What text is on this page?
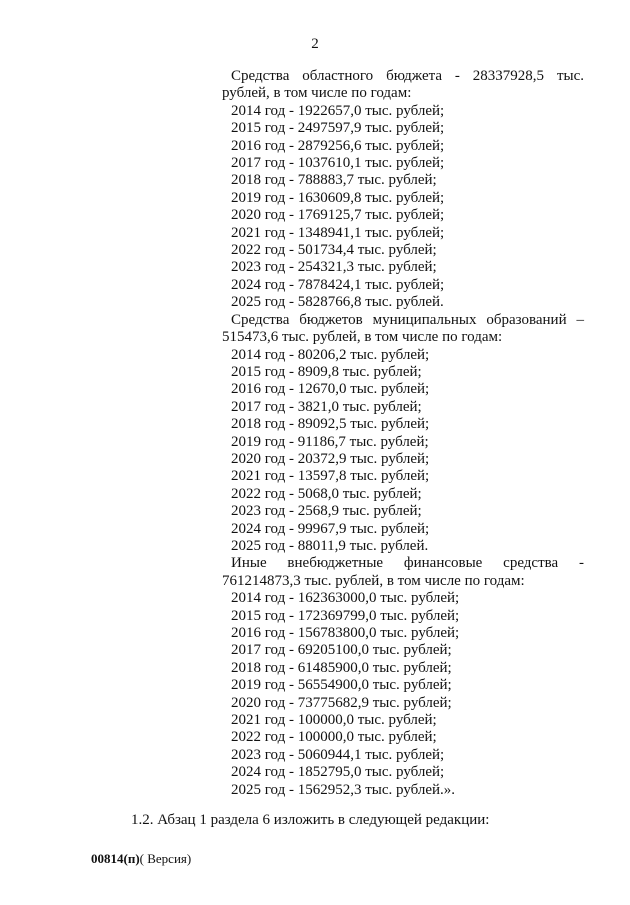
2

Средства областного бюджета - 28337928,5 тыс.

рублей, в том числе по годам:

2014 год - 1922657,0 тыс. рублей;

2015 год - 2497597,9 тыс. рублей;

2016 год - 2879256,6 тыс. рублей;

2017 год - 1037610,1 тыс. рублей;

2018 год - 788883,7 тыс. рублей;

2019 год - 1630609,8 тыс. рублей;

2020 год - 1769125,7 тыс. рублей;

2021 год - 1348941,1 тыс. рублей;

2022 год - 501734,4 тыс. рублей;

2023 год - 254321,3 тыс. рублей;

2024 год - 7878424,1 тыс. рублей;

2025 год - 5828766,8 тыс. рублей.

Средства бюджетов муниципальных образований –

515473,6 тыс. рублей, в том числе по годам:

2014 год - 80206,2 тыс. рублей;

2015 год - 8909,8 тыс. рублей;

2016 год - 12670,0 тыс. рублей;

2017 год - 3821,0 тыс. рублей;

2018 год - 89092,5 тыс. рублей;

2019 год - 91186,7 тыс. рублей;

2020 год - 20372,9 тыс. рублей;

2021 год - 13597,8 тыс. рублей;

2022 год - 5068,0 тыс. рублей;

2023 год - 2568,9 тыс. рублей;

2024 год - 99967,9 тыс. рублей;

2025 год - 88011,9 тыс. рублей.

Иные внебюджетные финансовые средства -

761214873,3 тыс. рублей, в том числе по годам:

2014 год - 162363000,0 тыс. рублей;

2015 год - 172369799,0 тыс. рублей;

2016 год - 156783800,0 тыс. рублей;

2017 год - 69205100,0 тыс. рублей;

2018 год - 61485900,0 тыс. рублей;

2019 год - 56554900,0 тыс. рублей;

2020 год - 73775682,9 тыс. рублей;

2021 год - 100000,0 тыс. рублей;

2022 год - 100000,0 тыс. рублей;

2023 год - 5060944,1 тыс. рублей;

2024 год - 1852795,0 тыс. рублей;

2025 год - 1562952,3 тыс. рублей.».

1.2. Абзац 1 раздела 6 изложить в следующей редакции:

00814(п)( Версия)
